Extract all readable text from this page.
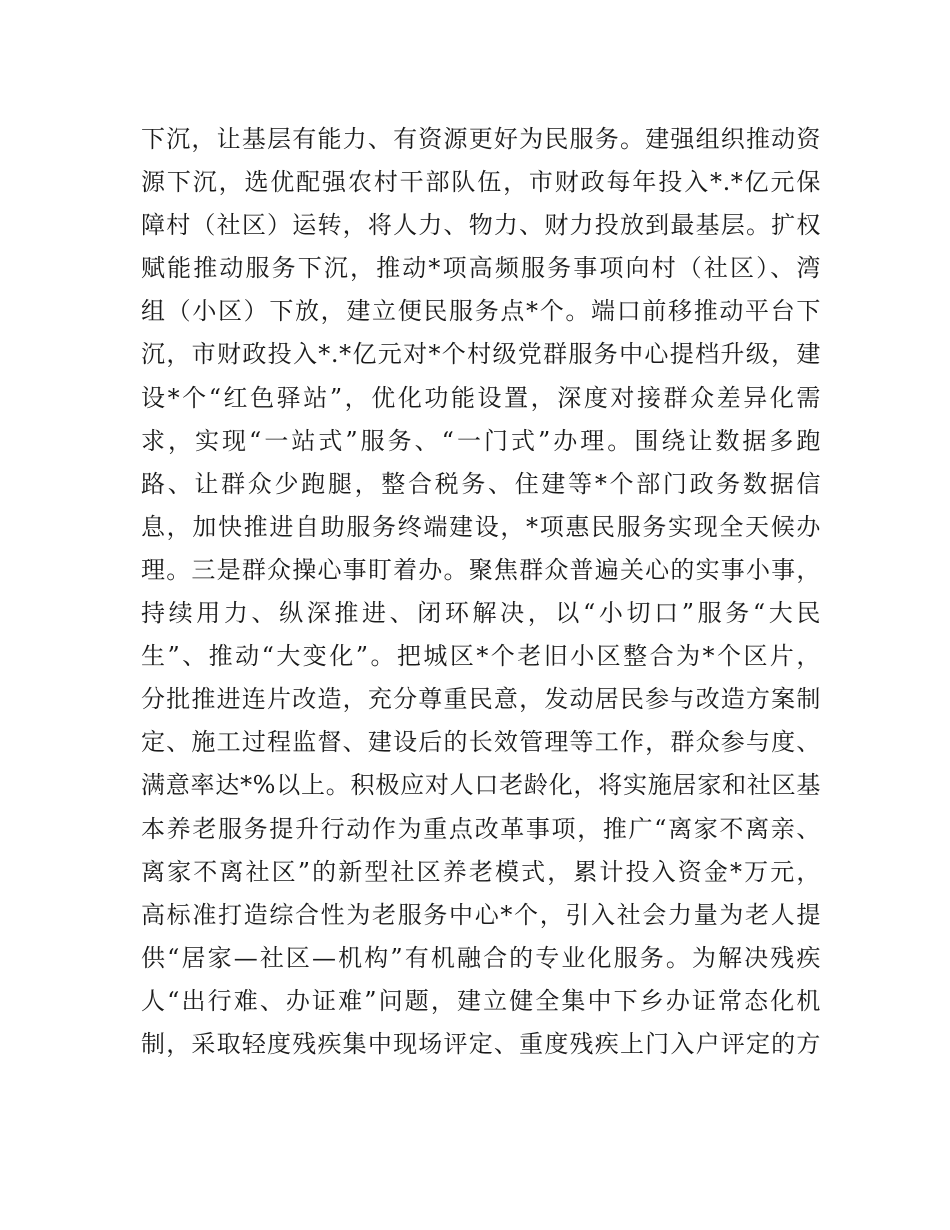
下沉，让基层有能力、有资源更好为民服务。建强组织推动资
源下沉，选优配强农村干部队伍，市财政每年投入*.*亿元保
障村（社区）运转，将人力、物力、财力投放到最基层。扩权
赋能推动服务下沉，推动*项高频服务事项向村（社区）、湾
组（小区）下放，建立便民服务点*个。端口前移推动平台下
沉，市财政投入*.*亿元对*个村级党群服务中心提档升级，建
设*个“红色驿站”，优化功能设置，深度对接群众差异化需
求，实现“一站式”服务、“一门式”办理。围绕让数据多跑
路、让群众少跑腿，整合税务、住建等*个部门政务数据信
息，加快推进自助服务终端建设，*项惠民服务实现全天候办
理。三是群众操心事盯着办。聚焦群众普遍关心的实事小事，
持续用力、纵深推进、闭环解决，以“小切口”服务“大民
生”、推动“大变化”。把城区*个老旧小区整合为*个区片，
分批推进连片改造，充分尊重民意，发动居民参与改造方案制
定、施工过程监督、建设后的长效管理等工作，群众参与度、
满意率达*%以上。积极应对人口老龄化，将实施居家和社区基
本养老服务提升行动作为重点改革事项，推广“离家不离亲、
离家不离社区”的新型社区养老模式，累计投入资金*万元，
高标准打造综合性为老服务中心*个，引入社会力量为老人提
供“居家—社区—机构”有机融合的专业化服务。为解决残疾
人“出行难、办证难”问题，建立健全集中下乡办证常态化机
制，采取轻度残疾集中现场评定、重度残疾上门入户评定的方
